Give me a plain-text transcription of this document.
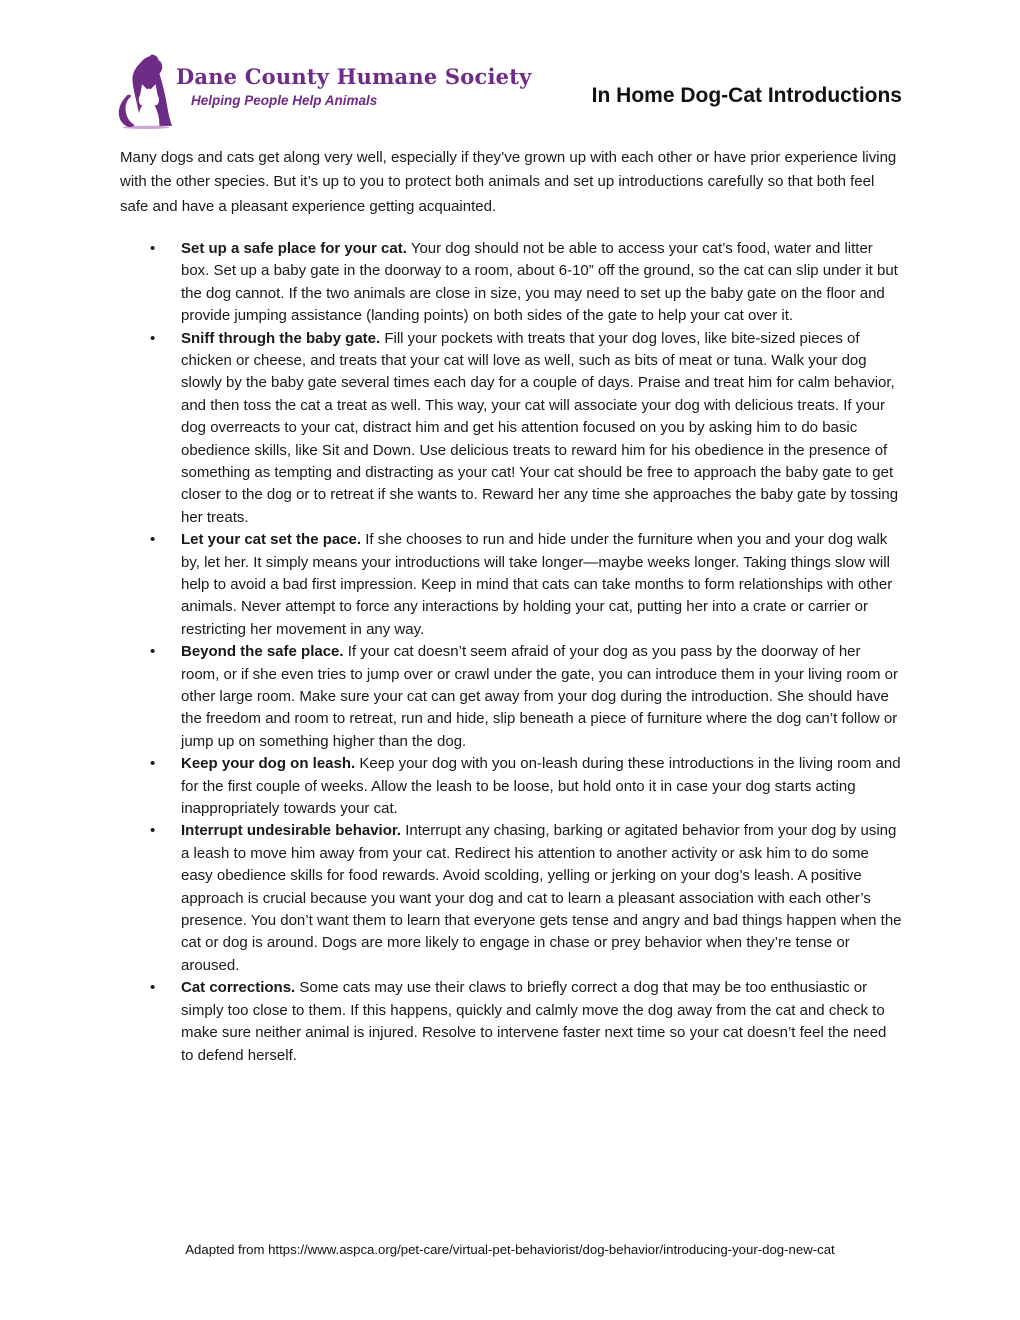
Dane County Humane Society
Helping People Help Animals	In Home Dog-Cat Introductions

Many dogs and cats get along very well, especially if they’ve grown up with each other or have prior experience living with the other species. But it’s up to you to protect both animals and set up introductions carefully so that both feel safe and have a pleasant experience getting acquainted.

• Set up a safe place for your cat. Your dog should not be able to access your cat’s food, water and litter box. Set up a baby gate in the doorway to a room, about 6-10” off the ground, so the cat can slip under it but the dog cannot. If the two animals are close in size, you may need to set up the baby gate on the floor and provide jumping assistance (landing points) on both sides of the gate to help your cat over it.
• Sniff through the baby gate. Fill your pockets with treats that your dog loves, like bite-sized pieces of chicken or cheese, and treats that your cat will love as well, such as bits of meat or tuna. Walk your dog slowly by the baby gate several times each day for a couple of days. Praise and treat him for calm behavior, and then toss the cat a treat as well. This way, your cat will associate your dog with delicious treats. If your dog overreacts to your cat, distract him and get his attention focused on you by asking him to do basic obedience skills, like Sit and Down. Use delicious treats to reward him for his obedience in the presence of something as tempting and distracting as your cat! Your cat should be free to approach the baby gate to get closer to the dog or to retreat if she wants to. Reward her any time she approaches the baby gate by tossing her treats.
• Let your cat set the pace. If she chooses to run and hide under the furniture when you and your dog walk by, let her. It simply means your introductions will take longer—maybe weeks longer. Taking things slow will help to avoid a bad first impression. Keep in mind that cats can take months to form relationships with other animals. Never attempt to force any interactions by holding your cat, putting her into a crate or carrier or restricting her movement in any way.
• Beyond the safe place. If your cat doesn’t seem afraid of your dog as you pass by the doorway of her room, or if she even tries to jump over or crawl under the gate, you can introduce them in your living room or other large room. Make sure your cat can get away from your dog during the introduction. She should have the freedom and room to retreat, run and hide, slip beneath a piece of furniture where the dog can’t follow or jump up on something higher than the dog.
• Keep your dog on leash. Keep your dog with you on-leash during these introductions in the living room and for the first couple of weeks. Allow the leash to be loose, but hold onto it in case your dog starts acting inappropriately towards your cat.
• Interrupt undesirable behavior. Interrupt any chasing, barking or agitated behavior from your dog by using a leash to move him away from your cat. Redirect his attention to another activity or ask him to do some easy obedience skills for food rewards. Avoid scolding, yelling or jerking on your dog’s leash. A positive approach is crucial because you want your dog and cat to learn a pleasant association with each other’s presence. You don’t want them to learn that everyone gets tense and angry and bad things happen when the cat or dog is around. Dogs are more likely to engage in chase or prey behavior when they’re tense or aroused.
• Cat corrections. Some cats may use their claws to briefly correct a dog that may be too enthusiastic or simply too close to them. If this happens, quickly and calmly move the dog away from the cat and check to make sure neither animal is injured. Resolve to intervene faster next time so your cat doesn’t feel the need to defend herself.
Adapted from https://www.aspca.org/pet-care/virtual-pet-behaviorist/dog-behavior/introducing-your-dog-new-cat
